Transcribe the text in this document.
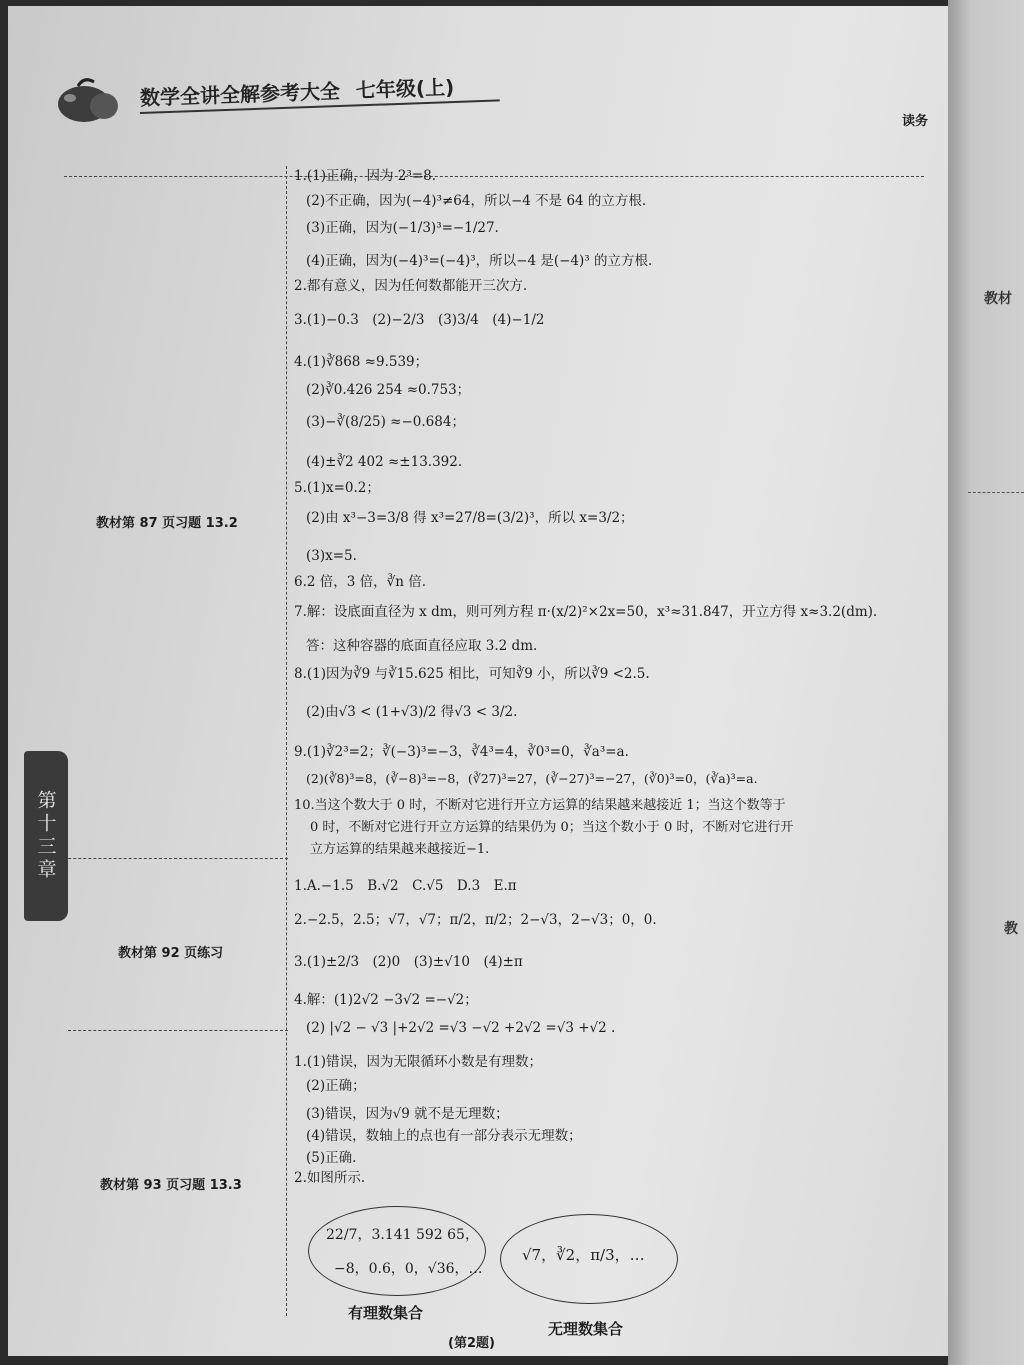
数学全讲全解参考大全 七年级(上)
读务
第十三章
教材第 87 页习题 13.2
教材第 92 页练习
教材第 93 页习题 13.3
1.(1)正确，因为 2³=8.
(2)不正确，因为(−4)³≠64，所以−4 不是 64 的立方根.
(3)正确，因为(−1/3)³=−1/27.
(4)正确，因为(−4)³=(−4)³，所以−4 是(−4)³ 的立方根.
2.都有意义，因为任何数都能开三次方.
3.(1)−0.3　(2)−2/3　(3)3/4　(4)−1/2
4.(1)∛868 ≈9.539；
(2)∛0.426 254 ≈0.753；
(3)−∛(8/25) ≈−0.684；
(4)±∛2 402 ≈±13.392.
5.(1)x=0.2；
(2)由 x³−3=3/8 得 x³=27/8=(3/2)³，所以 x=3/2；
(3)x=5.
6.2 倍，3 倍，∛n 倍.
7.解：设底面直径为 x dm，则可列方程 π·(x/2)²×2x=50，x³≈31.847，开立方得 x≈3.2(dm).
答：这种容器的底面直径应取 3.2 dm.
8.(1)因为∛9 与∛15.625 相比，可知∛9 小，所以∛9 <2.5.
(2)由√3 < (1+√3)/2 得√3 < 3/2.
9.(1)∛2³=2；∛(−3)³=−3，∛4³=4，∛0³=0，∛a³=a.
(2)(∛8)³=8，(∛−8)³=−8，(∛27)³=27，(∛−27)³=−27，(∛0)³=0，(∛a)³=a.
10.当这个数大于 0 时，不断对它进行开立方运算的结果越来越接近 1；当这个数等于
0 时，不断对它进行开立方运算的结果仍为 0；当这个数小于 0 时，不断对它进行开
立方运算的结果越来越接近−1.
1.A.−1.5　B.√2　C.√5　D.3　E.π
2.−2.5，2.5；√7，√7；π/2，π/2；2−√3，2−√3；0，0.
3.(1)±2/3　(2)0　(3)±√10　(4)±π
4.解：(1)2√2 −3√2 =−√2；
(2) |√2 − √3 |+2√2 =√3 −√2 +2√2 =√3 +√2 .
1.(1)错误，因为无限循环小数是有理数；
(2)正确；
(3)错误，因为√9 就不是无理数；
(4)错误，数轴上的点也有一部分表示无理数；
(5)正确.
2.如图所示.
22/7，3.141 592 65，
−8，0.6，0，√36，…
有理数集合
√7，∛2，π/3，…
无理数集合
(第2题)
教材
教
